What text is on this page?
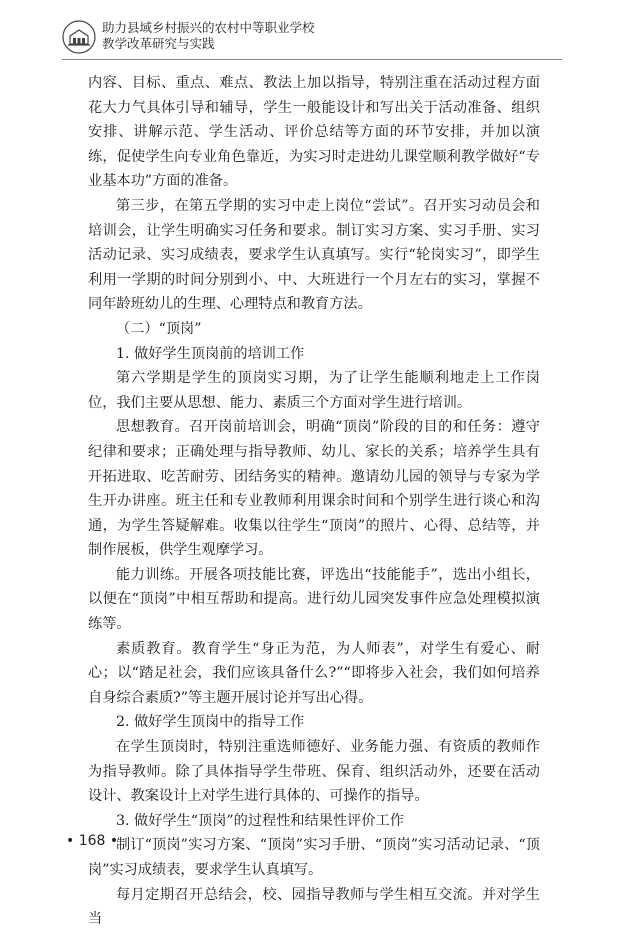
助力县域乡村振兴的农村中等职业学校
教学改革研究与实践

内容、目标、重点、难点、教法上加以指导，特别注重在活动过程方面花大力气具体引导和辅导，学生一般能设计和写出关于活动准备、组织安排、讲解示范、学生活动、评价总结等方面的环节安排，并加以演练，促使学生向专业角色靠近，为实习时走进幼儿课堂顺利教学做好“专业基本功”方面的准备。

第三步，在第五学期的实习中走上岗位“尝试”。召开实习动员会和培训会，让学生明确实习任务和要求。制订实习方案、实习手册、实习活动记录、实习成绩表，要求学生认真填写。实行“轮岗实习”，即学生利用一学期的时间分别到小、中、大班进行一个月左右的实习，掌握不同年龄班幼儿的生理、心理特点和教育方法。

（二）“顶岗”

1. 做好学生顶岗前的培训工作

第六学期是学生的顶岗实习期，为了让学生能顺利地走上工作岗位，我们主要从思想、能力、素质三个方面对学生进行培训。

思想教育。召开岗前培训会，明确“顶岗”阶段的目的和任务：遵守纪律和要求；正确处理与指导教师、幼儿、家长的关系；培养学生具有开拓进取、吃苦耐劳、团结务实的精神。邀请幼儿园的领导与专家为学生开办讲座。班主任和专业教师利用课余时间和个别学生进行谈心和沟通，为学生答疑解难。收集以往学生“顶岗”的照片、心得、总结等，并制作展板，供学生观摩学习。

能力训练。开展各项技能比赛，评选出“技能能手”，选出小组长，以便在“顶岗”中相互帮助和提高。进行幼儿园突发事件应急处理模拟演练等。

素质教育。教育学生“身正为范，为人师表”，对学生有爱心、耐心；以“踏足社会，我们应该具备什么?”“即将步入社会，我们如何培养自身综合素质?”等主题开展讨论并写出心得。

2. 做好学生顶岗中的指导工作

在学生顶岗时，特别注重选师德好、业务能力强、有资质的教师作为指导教师。除了具体指导学生带班、保育、组织活动外，还要在活动设计、教案设计上对学生进行具体的、可操作的指导。

3. 做好学生“顶岗”的过程性和结果性评价工作

制订“顶岗”实习方案、“顶岗”实习手册、“顶岗”实习活动记录、“顶岗”实习成绩表，要求学生认真填写。

每月定期召开总结会，校、园指导教师与学生相互交流。并对学生当

• 168 •
